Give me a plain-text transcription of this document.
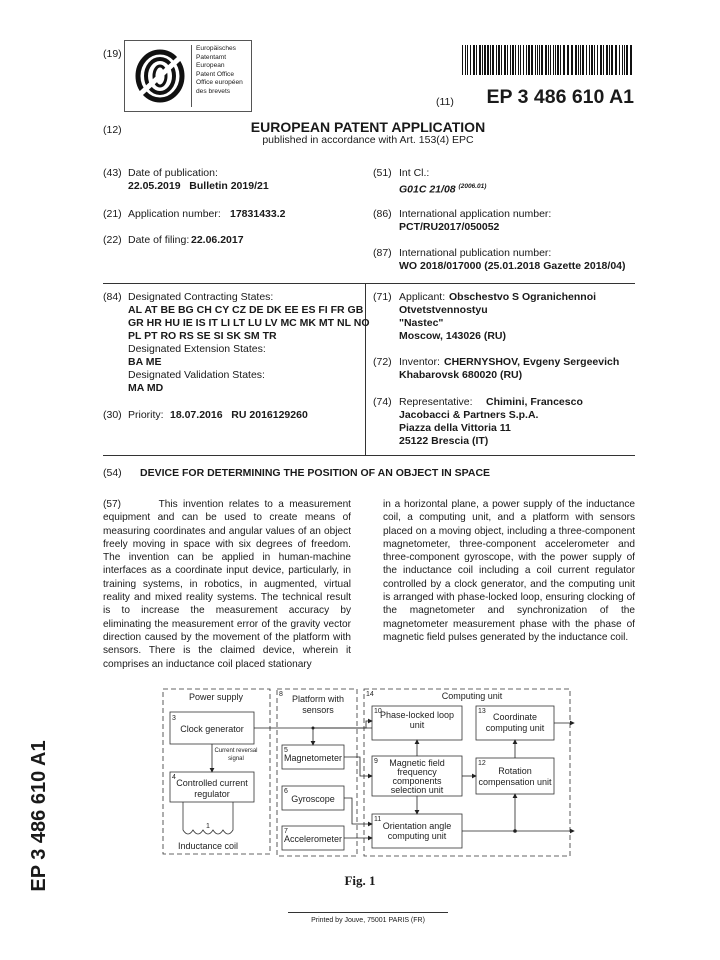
(19)	Europäisches
Patentamt
European
Patent Office
Office européen
des brevets
(11)	EP 3 486 610 A1
(12)	EUROPEAN PATENT APPLICATION
published in accordance with Art. 153(4) EPC
(43) Date of publication:
22.05.2019   Bulletin 2019/21
(21) Application number: 17831433.2
(22) Date of filing: 22.06.2017
(51) Int Cl.:
G01C 21/08 $^{(2006.01)}$
(86) International application number:
PCT/RU2017/050052
(87) International publication number:
WO 2018/017000 (25.01.2018 Gazette 2018/04)
(84) Designated Contracting States:
AL AT BE BG CH CY CZ DE DK EE ES FI FR GB
GR HR HU IE IS IT LI LT LU LV MC MK MT NL NO
PL PT RO RS SE SI SK SM TR
Designated Extension States:
BA ME
Designated Validation States:
MA MD
(30) Priority: 18.07.2016   RU 2016129260
(71) Applicant: Obschestvo S Ogranichennoi
Otvetstvennostyu
"Nastec"
Moscow, 143026 (RU)
(72) Inventor: CHERNYSHOV, Evgeny Sergeevich
Khabarovsk 680020 (RU)
(74) Representative: Chimini, Francesco
Jacobacci & Partners S.p.A.
Piazza della Vittoria 11
25122 Brescia (IT)
(54) DEVICE FOR DETERMINING THE POSITION OF AN OBJECT IN SPACE
(57)	This invention relates to a measurement equipment and can be used to create means of measuring coordinates and angular values of an object freely moving in space with six degrees of freedom. The invention can be applied in human-machine interfaces as a coordinate input device, particularly, in training systems, in robotics, in augmented, virtual reality and mixed reality systems. The technical result is to increase the measurement accuracy by eliminating the measurement error of the gravity vector direction caused by the movement of the platform with sensors. There is the claimed device, wherein it comprises an inductance coil placed stationary
in a horizontal plane, a power supply of the inductance coil, a computing unit, and a platform with sensors placed on a moving object, including a three-component magnetometer, three-component accelerometer and three-component gyroscope, with the power supply of the inductance coil including a coil current regulator controlled by a clock generator, and the computing unit is arranged with phase-locked loop, ensuring clocking of the magnetometer and synchronization of the magnetometer measurement phase with the phase of magnetic field pulses generated by the inductance coil.
Power supply	Platform with
sensors
Computing unit
Clock generator
Controlled current
regulator
Inductance coil
Magnetometer
Gyroscope
Accelerometer
Phase-locked loop
unit
Magnetic field
frequency
components
selection unit
Orientation angle
computing unit
Coordinate
computing unit
Rotation
compensation unit
Current reversal
signal
8	14
3
4
5
6
7
9
10
11
12
13
1
Fig. 1
EP 3 486 610 A1
Printed by Jouve, 75001 PARIS (FR)
